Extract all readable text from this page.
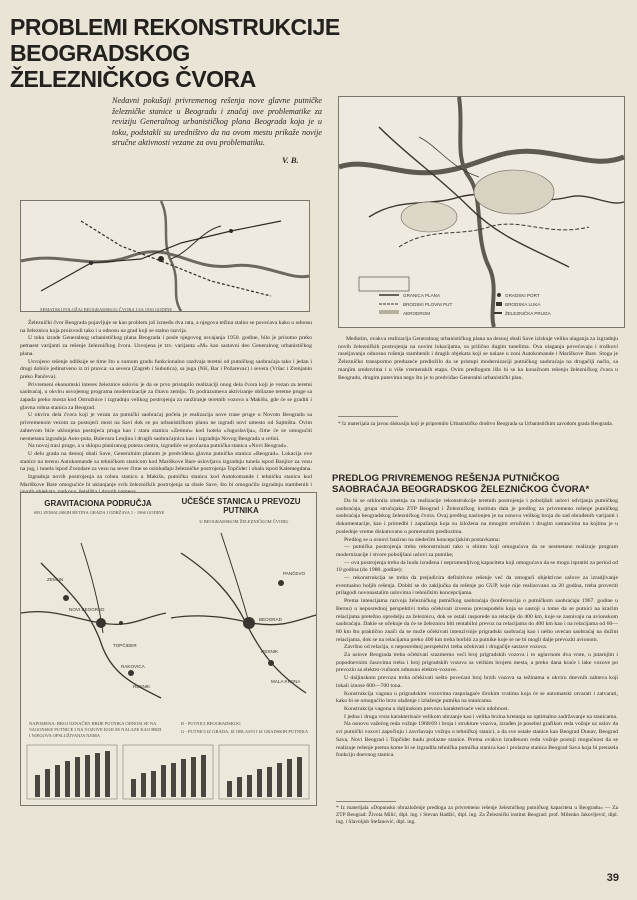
PROBLEMI REKONSTRUKCIJE BEOGRADSKOG
ŽELEZNIČKOG ČVORA

Nedavni pokušaji privremenog rešenja nove glavne putničke železničke stanice u Beogradu i značaj ove problematike za reviziju Generalnog urbanističkog plana Beograda koja je u toku, podstakli su uredništvo da na ovom mestu prikaže novije stručne aktivnosti vezane za ovu problematiku.

V. B.
ŠEMATSKI POLOŽAJ BEOGRADSKOG ČVORA I SA 1930 GODINE
GRANICA PLANA
BRODSKI PLOVNI PUT
AERODROM
GRADSKI PORT
BRODSKA LUKA
ŽELEZNIČKA PRUGA

Železnički čvor Beograda pojavljuje se kao problem još između dva rata, a njegova težina stalno se povećava kako u odnosu na železnicu koja proizvodi tako i u odnosu na grad koji se stalno razvija.

U toku izrade Generalnog urbanističkog plana Beograda i posle njegovog usvajanja 1950. godine, bilo je prisutno preko petnaest varijanti za rešenje železničkog čvora. Usvojena je tzv. varijanta »M« kao sastavni deo Generalnog urbanističkog plana.

Usvojeno rešenje odlikuje se time što u sumom gradu funkcionalno razdvaja teretni od putničkog saobraćaja tako i jedan i drugi dobiće jedinstveno iz tri pravca: sa severa (Zagreb i Subotica), sa juga (Niš, Bar i Požarevac) i severa (Vršac i Zrenjanin preko Pančeva).

Privremeni ekonomski interes železnice uslovio je da se prvo pristupilo realizaciji onog dela čvora koji je vezan za teretni saobraćaj, u okviru usvojenog programa modernizacije za čitavu zemlju. To podrazumeva aktiviranje obilaznе teretne pruge sa zapada preko mosta kod Ostružnice i izgradnju velikog postrojenja za ranžiranje teretnih vozova u Makišu, gde će se graditi i glavna robna stanica za Beograd.

U okviru dela čvora koji je vezan za putnički saobraćaj počela je realizacija nove trase pruge u Novom Beogradu sa privremenom vezom za postojeći most na Savi dok se po urbanističkom planu ne izgradi novi umesto od Sajmišta. Ovim zahtevom biće uklonjena postojeća pruga kao i stara stanica »Zemun« kod hotela »Jugoslavija«, čime će se omogućiti nesmetana izgradnja Auto-puta, Bulevara Lenjina i drugih saobraćajnica kao i izgradnja Novog Beograda u celini.

Na novoj trasi pruge, a u sklopu planiranog poteza centra, izgradiće se prolazna putnička stanica »Novi Beograd«.

U delu grada na desnoj obali Save, Generalnim planom je predviđena glavna putnička stanica »Beograd«. Lokacija ove stanice na terenu Autokomande sa tehničkom stanicom kod Mariškove Bare uslovljava izgradnju tunela ispod Banjice za vezu na jug, i tunela ispod Zvezdare za vezu na sever čime se oslobađaju železničke postrojenja Topčider i obala ispod Kalemegdana.

Izgradnja novih postrojenja za robnu stanicu u Makišu, putničku stanicu kod Autokomande i tehničku stanicu kod Mariškove Bare omogućiće bi uklanjanje svih železničkih postrojenja sa obale Save, što bi omogućilo izgradnju stambenih i

Međutim, ovakva realizacija Generalnog urbanističkog plana na desnoj obali Save iziskuje velika ulaganja za izgradnju novih železničkih postrojenja na novim lokacijama, sa prilično dugim tunelima. Ova ulaganja povećavaju i troškovi raseljavanja odnosno rušenja stambenih i drugih objekata koji se nalaze u zoni Autokomande i Mariškove Bare. Stoga je Železničko transportno preduzeće predložilo da se pristupi modernizaciji putničkog saobraćaja na drugačiji način, sa manjim sredstvima i u više vremenskih etapa. Ovim predlogom išlo bi se ka konačnom rešenju železničkog čvora u Beogradu, drugim putevima nego što je to predviđao Generalni urbanistički plan.

* Iz materijala za javnu diskusiju koji je pripremilo Urbanističko društvo Beograda sa Urbanističkim zavodom grada Beograda.

GRAVITACIONA PODRUČJA
SEG ZEMALJSKIH RETINA GRADA I ODRŽAVA 1 - 1966 GODINE
UČEŠĆE STANICA U PREVOZU PUTNIKA
U BEOGRADSKOM ŽELEZNIČKOM ČVORU
ZEMUN
NOVI BEOGRAD
TOPČIDER
RAKOVICA
RESNIK
PANČEVO
BEOGRAD
RESNIK
MALA KRSNA
NAPOMENA: BROJ OZNAČEN BRIJE PUTNIKA ODNOSI SE NA VAGONSKE PUTNICE I NA VOZOVE KOJI SE NALAZE KAO BRZI I NJEGOVA OPSLUŽIVANJA NJIMA
B - PUTNICI BEOGRADSKOG
G - PUTNICI IZ GRADA, IZ OBLASTI I IZ GRADSKIH PUTNIKA
PREDLOG PRIVREMENOG REŠENJA PUTNIČKOG SAOBRAĆAJA BEOGRADSKOG ŽELEZNIČKOG ČVORA*

Da bi se otklonila smetnja za realizacije rekonstrukcije teretnih postrojenja i pobolјšali uslovi odvijanja putničkog saobraćaja, grupa stručnjaka ZTP Beograd i Železničkog instituta dala je predlog za privremeno rešenje putničkog saobraćaja beogradskog železničkog čvora. Ovaj predlog naslonjen je na osnovu velikog broja do sad obrađenih varijanti i dokumentacije, kao i primedbi i zapažanja koja su izložena na mnogim stručnim i drugim sastancima na kojima je u poslednje vreme diskutovano o pomenutim predlozima.

Predlog se u osnovi bazirao na sledećim koncepcijskim postavkama:

— putnička postrojenja treba rekonstruisati tako u obimu koji omogućava da se nesmetano realizuje program modernizacije i stvore pobolјšani uslovi za putnike;

— ova postrojenja treba da budu izrađena i nepromenljivog kapaciteta koji omogućava da se mogu ispratiti za period od 10 godina (do 1980. godine);

— rekonstrukcija se treba da prejudicira definitivno rešenje već da omogući objektivne uslove za izradjivanje eventualno boljih rešenja. Dobiti se do zaključka da rešenje po GUP, koje nije realizovano za 20 godina, treba proveriti prilagodi novonastalim uslovima i tehničkim koncepcijama.

Prema intencijama razvoja železničkog putničkog saobraćaja (konferencija o putničkom saobraćaju 1967. godine u Bernu) u neposrednoj perspektivi treba očekivati izvesnu preraspodelu koja se sastoji u tome da se putnici na kraćim relacijama pretežno opredelju za železnicu, dok se ostali rasporede na relacije do 400 km, koje se zasnivaju na avionskom saobraćaju. Dakle se očekuje da će se železnicu biti rentabilni prevoz na relacijama do 400 km kao i na relacijama od 60—80 km što praktično znači da se može očekivati intenzivnije prigradski saobraćaj kao i nešto uvećan saobraćaj na dužim relacijama, dok se na relacijama preko 400 km treba borbiti za putnike koje se ne bi mogli dalje prevoziti avionom.

Završno od relacija, u neposrednoj perspektivi treba očekivati i drugačije sastave vozova.

Za uslove Beograda treba očekivati srazmerno veći broj prigradskih vozova i to uglavnom dva vrste, u jutarnjim i popodnevnim časovima treba i broj prigradskih vozova sa velikim brojem mesta, a preko dana kraće i lake vozove po prevoziu sa elektro-vučnom odnosno elektro-vozove.

U daljinskom prevozu treba očekivati nešto povećani broj brzih vozova sa težinama u okviru dnevnih zahteva koji lokali iznose 600—700 tona.

Konstrukcija vagona u prigradskim vozovima raspolagaće širokim vratima koja će se automatski otvarati i zatvarati, kako bi se omogućilo brzo ulaženje i izlaženje putnika na stanicama.

Konstrukcija vagona u daljinskom prevozu karakterisaće veća udobnost.

I jedna i druga vrsta karakterisaće velikom ubrzanje kao i velika brzina kretanja uz optimalno zadržavanje na stanicama.

Na osnovu važećeg reda vožnje 1968/69 i broja i strukture vozova, izrađen je posebni grafikon reda vožnje uz uslov da svi putnički vozovi započinju i završavaju vožnju u tehničkoj stanici, a da sve ostale stanice kao Beograd Dunav, Beograd Sava, Novi Beograd i Topčider budu prolazne stanice. Prema ovakvo izrađenom redu vožnje postoji mogućnost da se realizuje rešenje prema kome bi se izgradila tehnička putnička stanica kao i prolazna stanica Beograd Sava koja bi preuzela funkciju dnevnog stanica.

* Iz materijala »Dopunsko obrazloženje predloga za privremeno rešenje železničkog putničkog kapaciteta u Beogradu« — Za ZTP Beograd: Života Milić, dipl. ing. i Stevan Hadžić, dipl. ing. Za Železnički institut Beograd: prof. Milenko Jakovljević, dipl. ing. i Slavoljub Stefanović, dipl. ing.

39
